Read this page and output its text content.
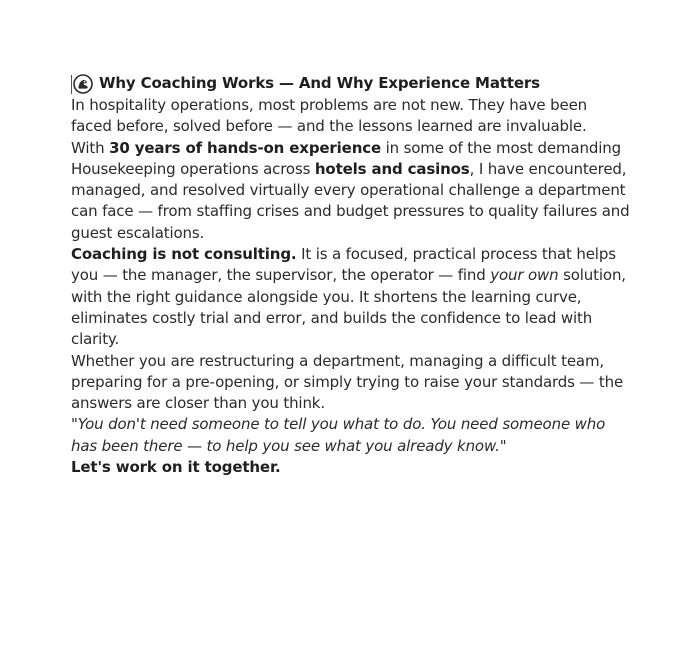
Why Coaching Works — And Why Experience Matters

In hospitality operations, most problems are not new. They have been faced before, solved before — and the lessons learned are invaluable.

With 30 years of hands-on experience in some of the most demanding Housekeeping operations across hotels and casinos, I have encountered, managed, and resolved virtually every operational challenge a department can face — from staffing crises and budget pressures to quality failures and guest escalations.

Coaching is not consulting. It is a focused, practical process that helps you — the manager, the supervisor, the operator — find your own solution, with the right guidance alongside you. It shortens the learning curve, eliminates costly trial and error, and builds the confidence to lead with clarity.

Whether you are restructuring a department, managing a difficult team, preparing for a pre-opening, or simply trying to raise your standards — the answers are closer than you think.

"You don't need someone to tell you what to do. You need someone who has been there — to help you see what you already know."

Let's work on it together.
